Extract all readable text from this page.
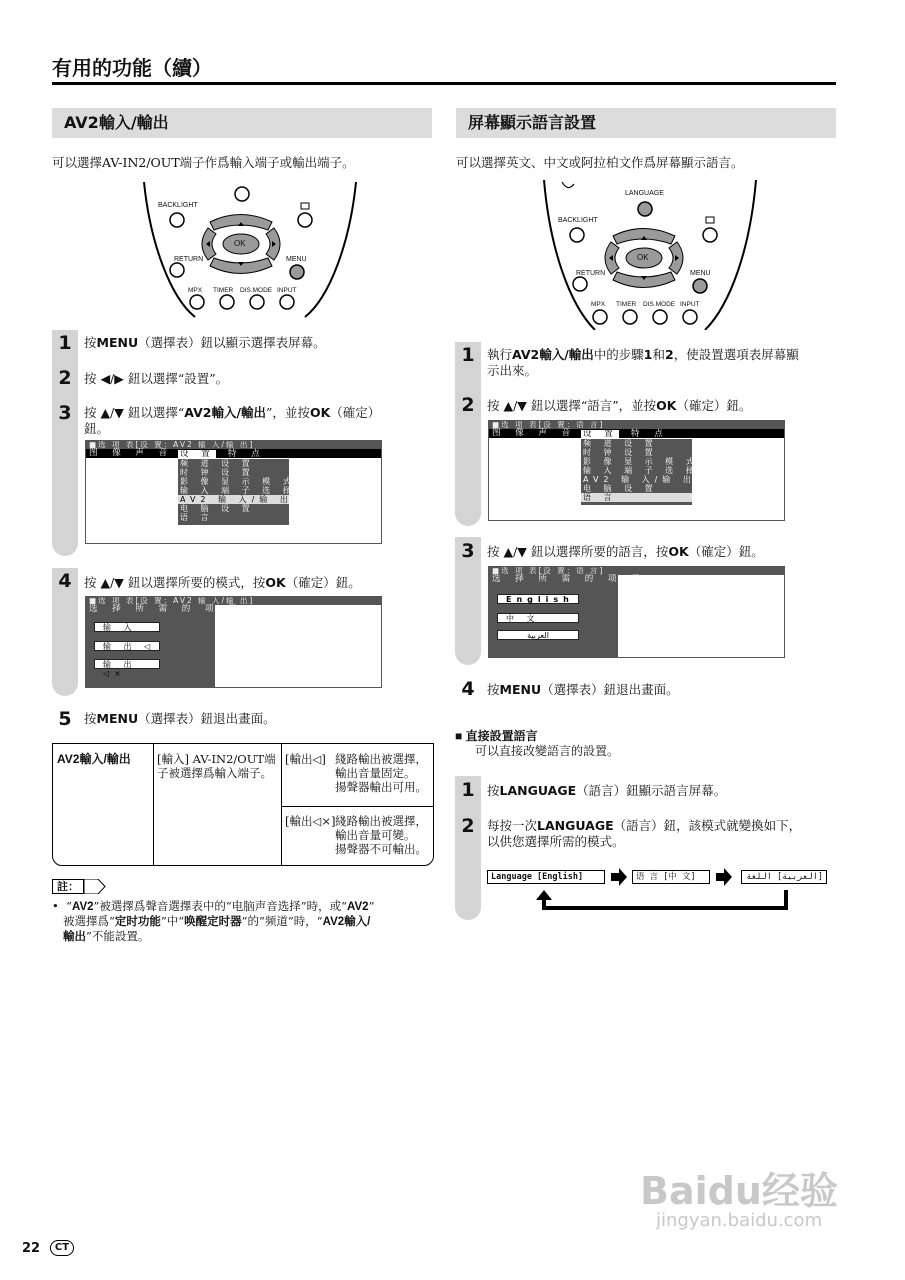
有用的功能（續）
AV2輸入/輸出
可以選擇AV-IN2/OUT端子作爲輸入端子或輸出端子。
BACKLIGHT
OK
RETURN	MENU
MPX TIMER DIS.MODE INPUT
1 按MENU（選擇表）鈕以顯示選擇表屏幕。
2 按 ◀/▶ 鈕以選擇“設置”。
3 按 ▲/▼ 鈕以選擇“AV2輸入/輸出”，並按OK（確定）
鈕。
■选 项 表[设 置：AV2 输 入/输 出]
图 像 声 音 设 置 特 点
频 道 设 置
时 钟 设 置
影 像 显 示 模 式
输 入 端 子 选 择
AV2 输 入/输 出
电 脑 设 置
语 言
4 按 ▲/▼ 鈕以選擇所要的模式，按OK（確定）鈕。
■选 项 表[设 置：AV2 输 入/输 出]
选 择 所 需 的 项 目
输 入
输 出 ◁
输 出 ◁×
5 按MENU（選擇表）鈕退出畫面。
AV2輸入/輸出 [輸入] AV-IN2/OUT端
子被選擇爲輸入端子。
[輸出◁] 綫路輸出被選擇，
輸出音量固定。
揚聲器輸出可用。
[輸出◁×] 綫路輸出被選擇，
輸出音量可變。
揚聲器不可輸出。
註：
•  “AV2”被選擇爲聲音選擇表中的“电脑声音选择”時，或“AV2”
被選擇爲“定时功能”中“唤醒定时器”的“频道”時，“AV2輸入/
輸出”不能設置。
屏幕顯示語言設置
可以選擇英文、中文或阿拉柏文作爲屏幕顯示語言。
LANGUAGE
BACKLIGHT
OK
RETURN	MENU
MPX TIMER DIS.MODE INPUT
1 執行AV2輸入/輸出中的步驟1和2，使設置選項表屏幕顯
示出來。
2 按 ▲/▼ 鈕以選擇“語言”，並按OK（確定）鈕。
■选 项 表[设 置：语 言]
图 像 声 音 设 置 特 点
频 道 设 置
时 钟 设 置
影 像 显 示 模 式
输 入 端 子 选 择
AV2 输 入/输 出
电 脑 设 置
语 言
3 按 ▲/▼ 鈕以選擇所要的語言，按OK（確定）鈕。
■选 项 表[设 置：语 言]
选 择 所 需 的 项 目
English
中 文
العربية
4 按MENU（選擇表）鈕退出畫面。
■ 直接設置語言
可以直接改變語言的設置。
1 按LANGUAGE（語言）鈕顯示語言屏幕。
2 每按一次LANGUAGE（語言）鈕，該模式就變換如下，
以供您選擇所需的模式。
Language [English]	语 言 [中 文]	[العربية] اللغة
22	CT
Baidu经验
jingyan.baidu.com
